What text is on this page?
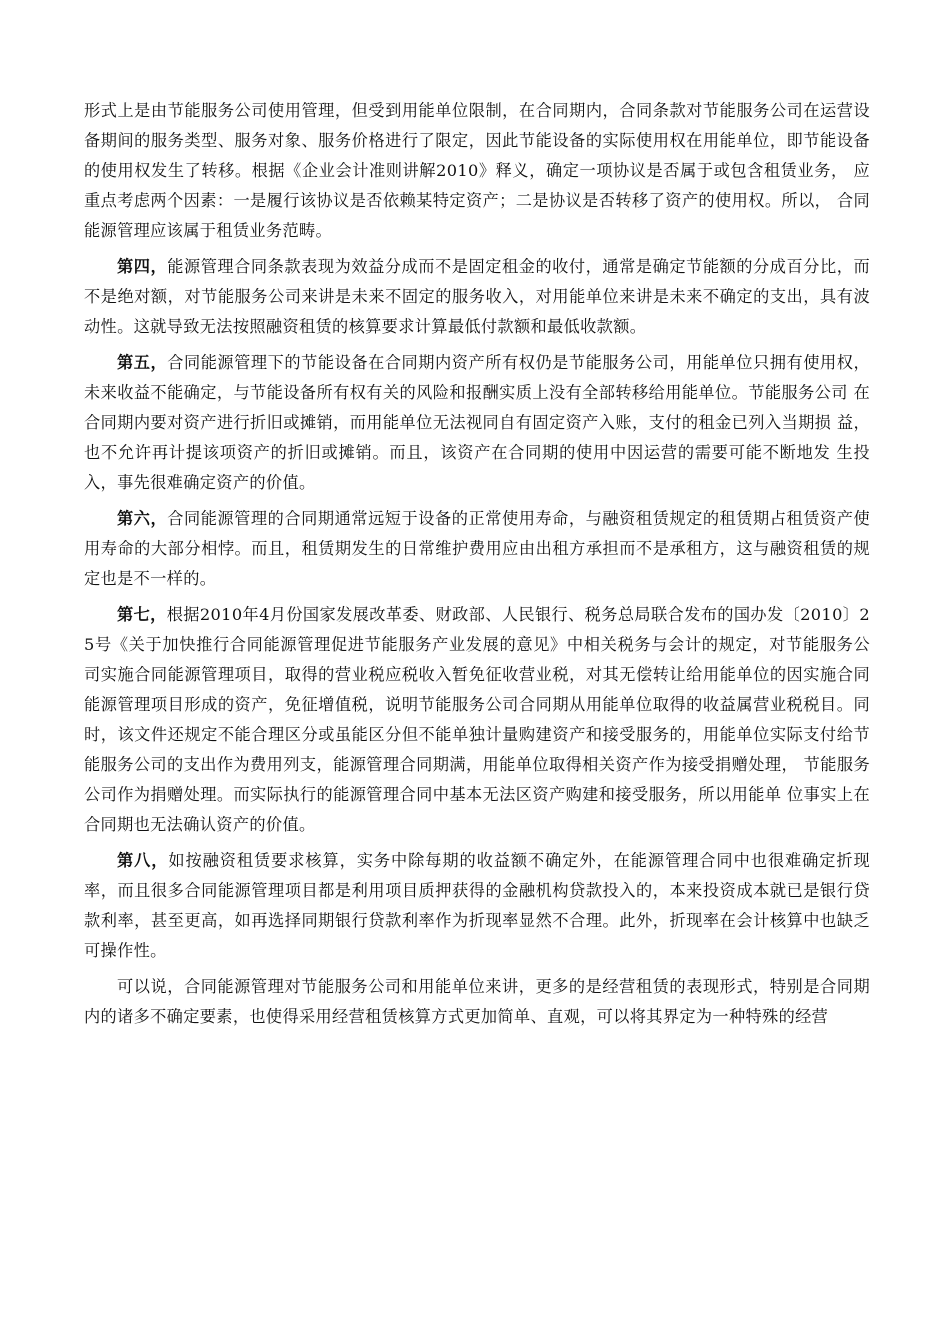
形式上是由节能服务公司使用管理，但受到用能单位限制，在合同期内，合同条款对节能服务公司在运营设备期间的服务类型、服务对象、服务价格进行了限定，因此节能设备的实际使用权在用能单位，即节能设备的使用权发生了转移。根据《企业会计准则讲解2010》释义，确定一项协议是否属于或包含租赁业务， 应重点考虑两个因素：一是履行该协议是否依赖某特定资产；二是协议是否转移了资产的使用权。所以， 合同能源管理应该属于租赁业务范畴。

第四，能源管理合同条款表现为效益分成而不是固定租金的收付，通常是确定节能额的分成百分比，而不是绝对额，对节能服务公司来讲是未来不固定的服务收入，对用能单位来讲是未来不确定的支出，具有波动性。这就导致无法按照融资租赁的核算要求计算最低付款额和最低收款额。

第五，合同能源管理下的节能设备在合同期内资产所有权仍是节能服务公司，用能单位只拥有使用权， 未来收益不能确定，与节能设备所有权有关的风险和报酬实质上没有全部转移给用能单位。节能服务公司 在合同期内要对资产进行折旧或摊销，而用能单位无法视同自有固定资产入账，支付的租金已列入当期损 益，也不允许再计提该项资产的折旧或摊销。而且，该资产在合同期的使用中因运营的需要可能不断地发 生投入，事先很难确定资产的价值。

第六，合同能源管理的合同期通常远短于设备的正常使用寿命，与融资租赁规定的租赁期占租赁资产使用寿命的大部分相悖。而且，租赁期发生的日常维护费用应由出租方承担而不是承租方，这与融资租赁的规定也是不一样的。

第七，根据2010年4月份国家发展改革委、财政部、人民银行、税务总局联合发布的国办发〔2010〕25号《关于加快推行合同能源管理促进节能服务产业发展的意见》中相关税务与会计的规定，对节能服务公司实施合同能源管理项目，取得的营业税应税收入暂免征收营业税，对其无偿转让给用能单位的因实施合同能源管理项目形成的资产，免征增值税，说明节能服务公司合同期从用能单位取得的收益属营业税税目。同时，该文件还规定不能合理区分或虽能区分但不能单独计量购建资产和接受服务的，用能单位实际支付给节能服务公司的支出作为费用列支，能源管理合同期满，用能单位取得相关资产作为接受捐赠处理， 节能服务公司作为捐赠处理。而实际执行的能源管理合同中基本无法区资产购建和接受服务，所以用能单 位事实上在合同期也无法确认资产的价值。

第八，如按融资租赁要求核算，实务中除每期的收益额不确定外，在能源管理合同中也很难确定折现率，而且很多合同能源管理项目都是利用项目质押获得的金融机构贷款投入的，本来投资成本就已是银行贷款利率，甚至更高，如再选择同期银行贷款利率作为折现率显然不合理。此外，折现率在会计核算中也缺乏可操作性。

可以说，合同能源管理对节能服务公司和用能单位来讲，更多的是经营租赁的表现形式，特别是合同期内的诸多不确定要素，也使得采用经营租赁核算方式更加简单、直观，可以将其界定为一种特殊的经营
